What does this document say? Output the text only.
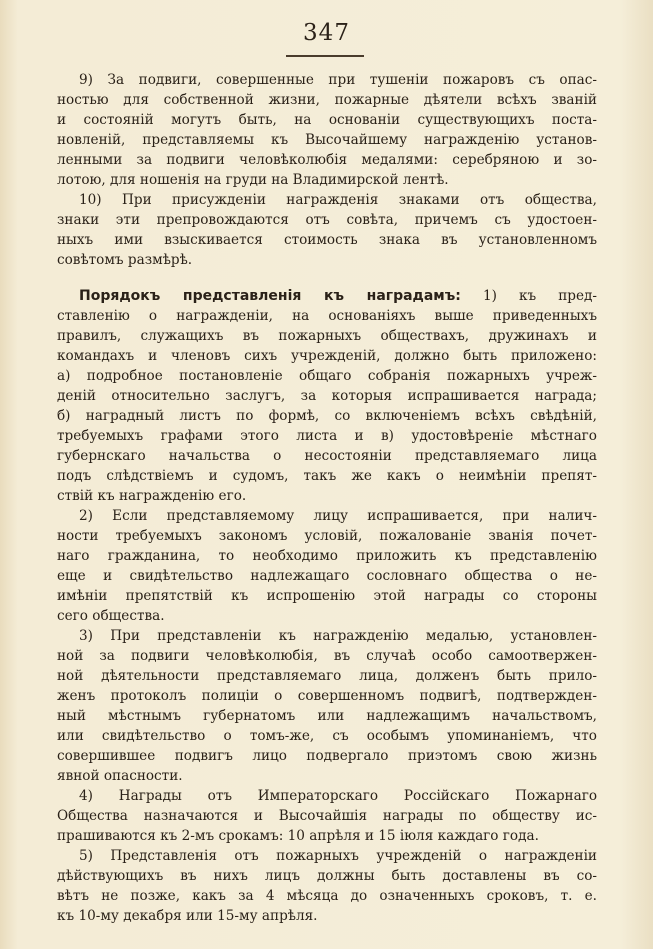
347
9) За подвиги, совершенные при тушенiи пожаровъ съ опас-
ностью для собственной жизни, пожарные дѣятели всѣхъ званiй
и состоянiй могутъ быть, на основанiи существующихъ поста-
новленiй, представляемы къ Высочайшему награжденiю установ-
ленными за подвиги человѣколюбiя медалями: серебряною и зо-
лотою, для ношенiя на груди на Владимирской лентѣ.
10) При присужденiи награжденiя знаками отъ общества,
знаки эти препровождаются отъ совѣта, причемъ съ удостоен-
ныхъ ими взыскивается стоимость знака въ установленномъ
совѣтомъ размѣрѣ.
Порядокъ представленiя къ наградамъ: 1) къ пред-
ставленiю о награжденiи, на основанiяхъ выше приведенныхъ
правилъ, служащихъ въ пожарныхъ обществахъ, дружинахъ и
командахъ и членовъ сихъ учрежденiй, должно быть приложено:
а) подробное постановленiе общаго собранiя пожарныхъ учреж-
денiй относительно заслугъ, за которыя испрашивается награда;
б) наградный листъ по формѣ, со включенiемъ всѣхъ свѣдѣнiй,
требуемыхъ графами этого листа и в) удостовѣренiе мѣстнаго
губернскаго начальства о несостоянiи представляемаго лица
подъ слѣдствiемъ и судомъ, такъ же какъ о неимѣнiи препят-
ствiй къ награжденiю его.
2) Если представляемому лицу испрашивается, при налич-
ности требуемыхъ закономъ условiй, пожалованiе званiя почет-
наго гражданина, то необходимо приложить къ представленiю
еще и свидѣтельство надлежащаго сословнаго общества о не-
имѣнiи препятствiй къ испрошенiю этой награды со стороны
сего общества.
3) При представленiи къ награжденiю медалью, установлен-
ной за подвиги человѣколюбiя, въ случаѣ особо самоотвержен-
ной дѣятельности представляемаго лица, долженъ быть прило-
женъ протоколъ полицiи о совершенномъ подвигѣ, подтвержден-
ный мѣстнымъ губернатомъ или надлежащимъ начальствомъ,
или свидѣтельство о томъ-же, съ особымъ упоминанiемъ, что
совершившее подвигъ лицо подвергало приэтомъ свою жизнь
явной опасности.
4) Награды отъ Императорскаго Россiйскаго Пожарнаго
Общества назначаются и Высочайшiя награды по обществу ис-
прашиваются къ 2-мъ срокамъ: 10 апрѣля и 15 iюля каждаго года.
5) Представленiя отъ пожарныхъ учрежденiй о награжденiи
дѣйствующихъ въ нихъ лицъ должны быть доставлены въ со-
вѣтъ не позже, какъ за 4 мѣсяца до означенныхъ сроковъ, т. е.
къ 10-му декабря или 15-му апрѣля.
